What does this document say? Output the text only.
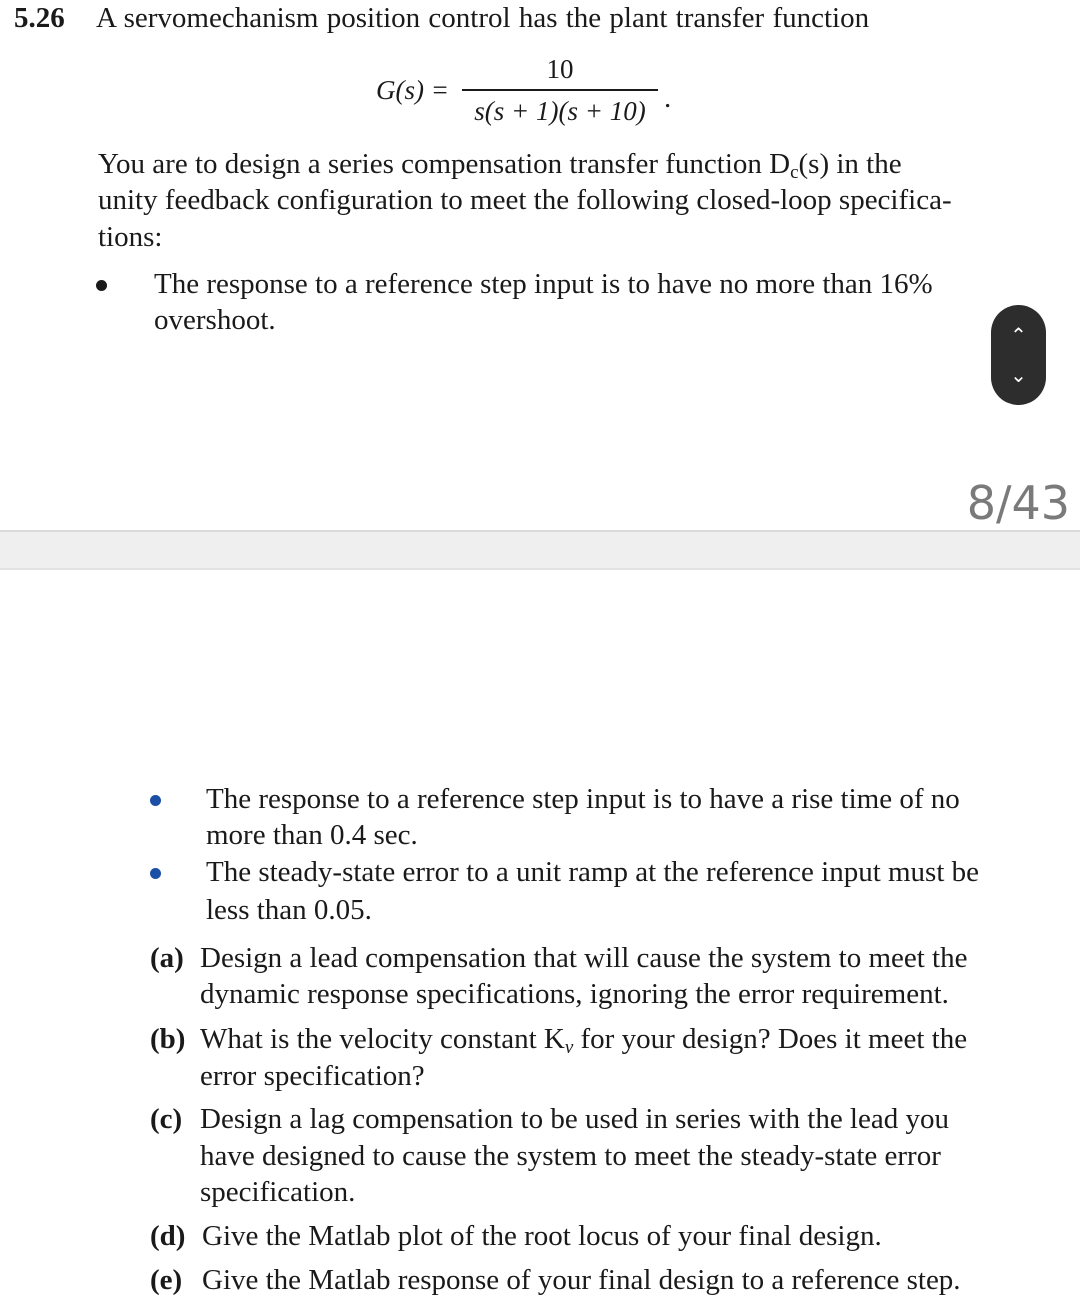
5.26 A servomechanism position control has the plant transfer function
G(s) =
10
s(s + 1)(s + 10) .
You are to design a series compensation transfer function $D_c(s)$ in the
unity feedback configuration to meet the following closed-loop specifica-
tions:
The response to a reference step input is to have no more than 16%
overshoot.	⌃
⌄
8/43
The response to a reference step input is to have a rise time of no
more than 0.4 sec.
The steady-state error to a unit ramp at the reference input must be
less than 0.05.
(a) Design a lead compensation that will cause the system to meet the
dynamic response specifications, ignoring the error requirement.
(b) What is the velocity constant $K_v$ for your design? Does it meet the
error specification?
(c) Design a lag compensation to be used in series with the lead you
have designed to cause the system to meet the steady-state error
specification.
(d) Give the Matlab plot of the root locus of your final design.
(e) Give the Matlab response of your final design to a reference step.
